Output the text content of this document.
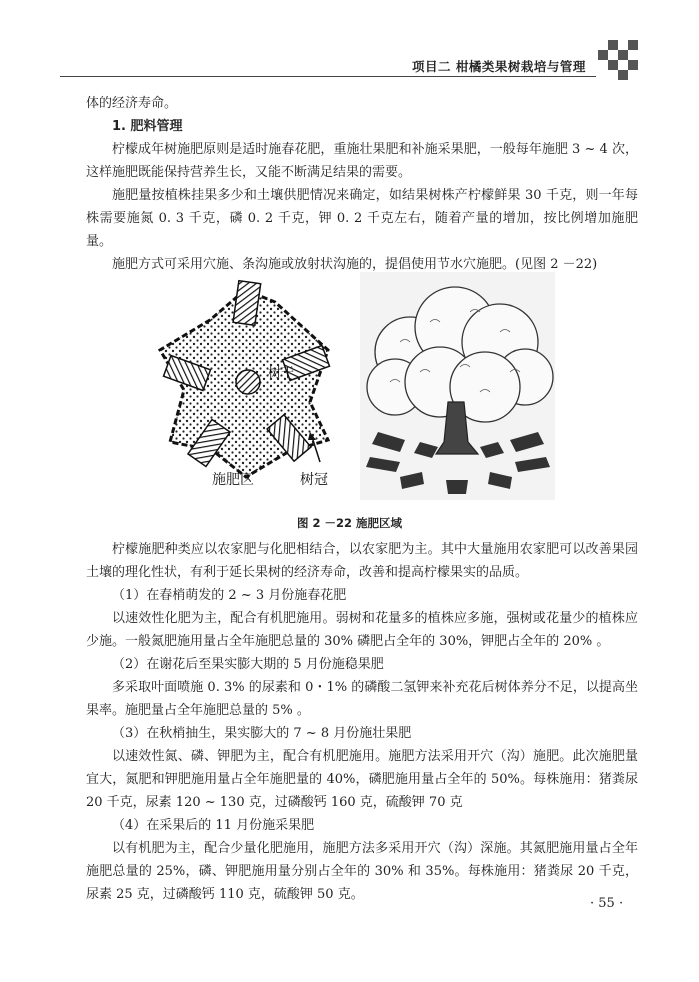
项目二 柑橘类果树栽培与管理

体的经济寿命。

1. 肥料管理

柠檬成年树施肥原则是适时施春花肥，重施壮果肥和补施采果肥，一般每年施肥 3 ~ 4 次，这样施肥既能保持营养生长，又能不断满足结果的需要。

施肥量按植株挂果多少和土壤供肥情况来确定，如结果树株产柠檬鲜果 30 千克，则一年每株需要施氮 0. 3 千克，磷 0. 2 千克，钾 0. 2 千克左右，随着产量的增加，按比例增加施肥量。

施肥方式可采用穴施、条沟施或放射状沟施的，提倡使用节水穴施肥。(见图 2 －22)

树干
施肥区	树冠
图 2 －22 施肥区域

柠檬施肥种类应以农家肥与化肥相结合，以农家肥为主。其中大量施用农家肥可以改善果园土壤的理化性状，有利于延长果树的经济寿命，改善和提高柠檬果实的品质。

（1）在春梢萌发的 2 ~ 3 月份施春花肥

以速效性化肥为主，配合有机肥施用。弱树和花量多的植株应多施，强树或花量少的植株应少施。一般氮肥施用量占全年施肥总量的 30% 磷肥占全年的 30%，钾肥占全年的 20% 。

（2）在谢花后至果实膨大期的 5 月份施稳果肥

多采取叶面喷施 0. 3% 的尿素和 0・1% 的磷酸二氢钾来补充花后树体养分不足，以提高坐果率。施肥量占全年施肥总量的 5% 。

（3）在秋梢抽生，果实膨大的 7 ~ 8 月份施壮果肥

以速效性氮、磷、钾肥为主，配合有机肥施用。施肥方法采用开穴（沟）施肥。此次施肥量宜大，氮肥和钾肥施用量占全年施肥量的 40%，磷肥施用量占全年的 50%。每株施用：猪粪尿 20 千克，尿素 120 ~ 130 克，过磷酸钙 160 克，硫酸钾 70 克

（4）在采果后的 11 月份施采果肥

以有机肥为主，配合少量化肥施用，施肥方法多采用开穴（沟）深施。其氮肥施用量占全年施肥总量的 25%，磷、钾肥施用量分别占全年的 30% 和 35%。每株施用：猪粪尿 20 千克，尿素 25 克，过磷酸钙 110 克，硫酸钾 50 克。

· 55 ·
